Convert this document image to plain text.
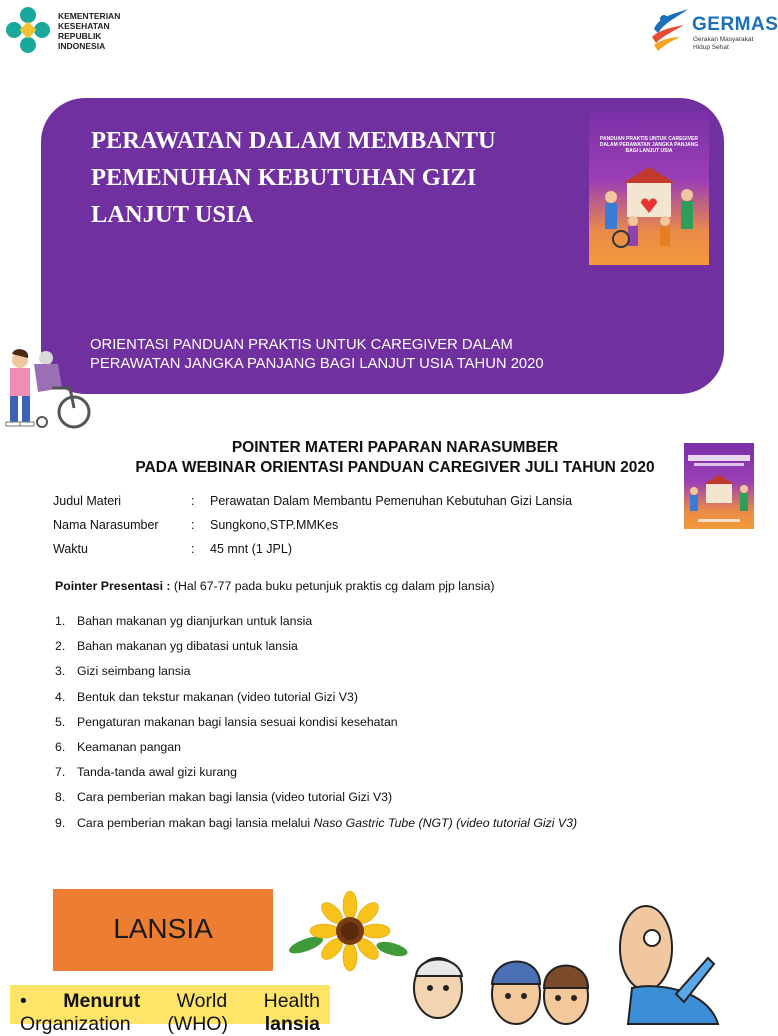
KEMENTERIAN
KESEHATAN
REPUBLIK
INDONESIA
GERMAS
Gerakan Masyarakat
Hidup Sehat
PERAWATAN DALAM MEMBANTU
PEMENUHAN KEBUTUHAN GIZI
LANJUT USIA
PANDUAN PRAKTIS UNTUK CAREGIVER DALAM PERAWATAN JANGKA PANJANG BAGI LANJUT USIA
ORIENTASI PANDUAN PRAKTIS UNTUK CAREGIVER DALAM
PERAWATAN JANGKA PANJANG BAGI LANJUT USIA TAHUN 2020
POINTER MATERI PAPARAN NARASUMBER
PADA WEBINAR ORIENTASI PANDUAN CAREGIVER JULI TAHUN 2020
Judul Materi	: Perawatan Dalam Membantu Pemenuhan Kebutuhan Gizi Lansia
Nama Narasumber	: Sungkono,STP.MMKes
Waktu	: 45 mnt (1 JPL)
Pointer Presentasi : (Hal 67-77 pada buku petunjuk praktis cg dalam pjp lansia)
1. Bahan makanan yg dianjurkan untuk lansia
2. Bahan makanan yg dibatasi untuk lansia
3. Gizi seimbang lansia
4. Bentuk dan tekstur makanan (video tutorial Gizi V3)
5. Pengaturan makanan bagi lansia sesuai kondisi kesehatan
6. Keamanan pangan
7. Tanda-tanda awal gizi kurang
8. Cara pemberian makan bagi lansia (video tutorial Gizi V3)
9. Cara pemberian makan bagi lansia melalui Naso Gastric Tube (NGT) (video tutorial Gizi V3)
LANSIA
• Menurut World Health
Organization (WHO) lansia
